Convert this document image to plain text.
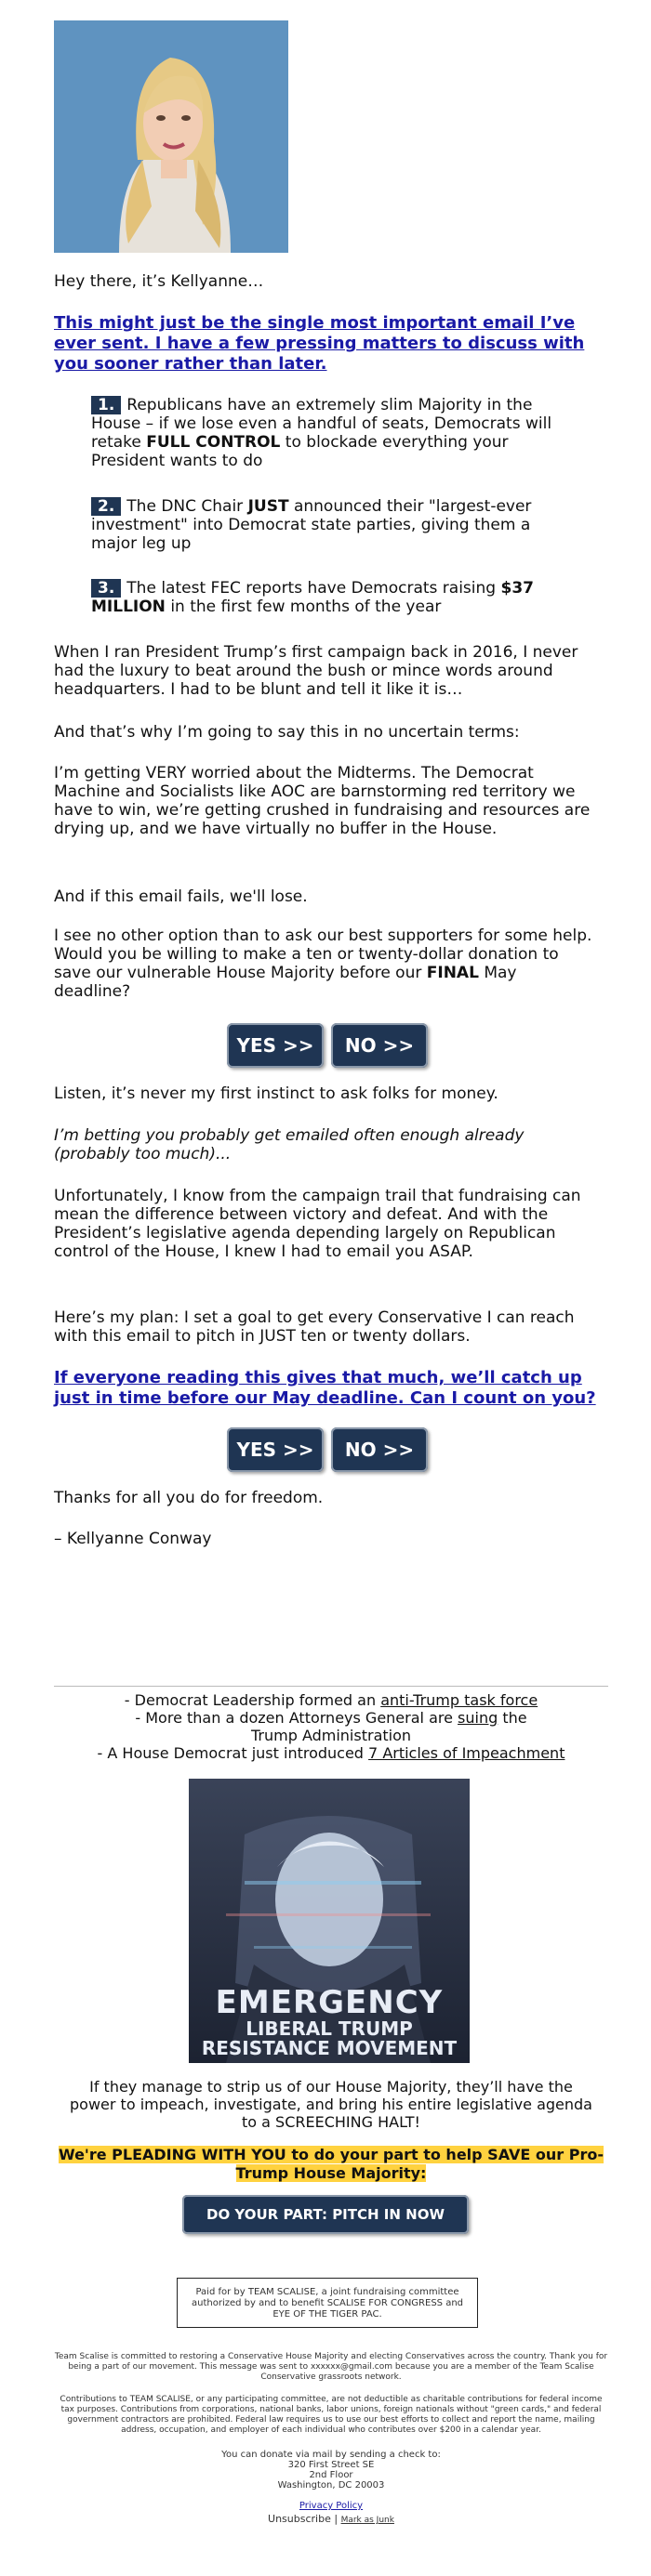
Hey there, it’s Kellyanne…

This might just be the single most important email I’ve ever sent. I have a few pressing matters to discuss with you sooner rather than later.

1. Republicans have an extremely slim Majority in the House – if we lose even a handful of seats, Democrats will retake FULL CONTROL to blockade everything your President wants to do

2. The DNC Chair JUST announced their "largest-ever investment" into Democrat state parties, giving them a major leg up

3. The latest FEC reports have Democrats raising $37 MILLION in the first few months of the year

When I ran President Trump’s first campaign back in 2016, I never had the luxury to beat around the bush or mince words around headquarters. I had to be blunt and tell it like it is…

And that’s why I’m going to say this in no uncertain terms:

I’m getting VERY worried about the Midterms. The Democrat Machine and Socialists like AOC are barnstorming red territory we have to win, we’re getting crushed in fundraising and resources are drying up, and we have virtually no buffer in the House.

And if this email fails, we'll lose.

I see no other option than to ask our best supporters for some help. Would you be willing to make a ten or twenty-dollar donation to save our vulnerable House Majority before our FINAL May deadline?

YES >>	NO >>

Listen, it’s never my first instinct to ask folks for money.

I’m betting you probably get emailed often enough already (probably too much)...

Unfortunately, I know from the campaign trail that fundraising can mean the difference between victory and defeat. And with the President’s legislative agenda depending largely on Republican control of the House, I knew I had to email you ASAP.

Here’s my plan: I set a goal to get every Conservative I can reach with this email to pitch in JUST ten or twenty dollars.

If everyone reading this gives that much, we’ll catch up just in time before our May deadline. Can I count on you?

YES >>	NO >>

Thanks for all you do for freedom.

– Kellyanne Conway

- Democrat Leadership formed an anti-Trump task force

- More than a dozen Attorneys General are suing the Trump Administration

- A House Democrat just introduced 7 Articles of Impeachment

EMERGENCY
LIBERAL TRUMP
RESISTANCE MOVEMENT

If they manage to strip us of our House Majority, they’ll have the power to impeach, investigate, and bring his entire legislative agenda to a SCREECHING HALT!

We're PLEADING WITH YOU to do your part to help SAVE our Pro-Trump House Majority:

DO YOUR PART: PITCH IN NOW

Paid for by TEAM SCALISE, a joint fundraising committee authorized by and to benefit SCALISE FOR CONGRESS and EYE OF THE TIGER PAC.

Team Scalise is committed to restoring a Conservative House Majority and electing Conservatives across the country. Thank you for being a part of our movement. This message was sent to xxxxxx@gmail.com because you are a member of the Team Scalise Conservative grassroots network.

Contributions to TEAM SCALISE, or any participating committee, are not deductible as charitable contributions for federal income tax purposes. Contributions from corporations, national banks, labor unions, foreign nationals without "green cards," and federal government contractors are prohibited. Federal law requires us to use our best efforts to collect and report the name, mailing address, occupation, and employer of each individual who contributes over $200 in a calendar year.

You can donate via mail by sending a check to:

320 First Street SE

2nd Floor

Washington, DC 20003

Privacy Policy

Unsubscribe | Mark as Junk
